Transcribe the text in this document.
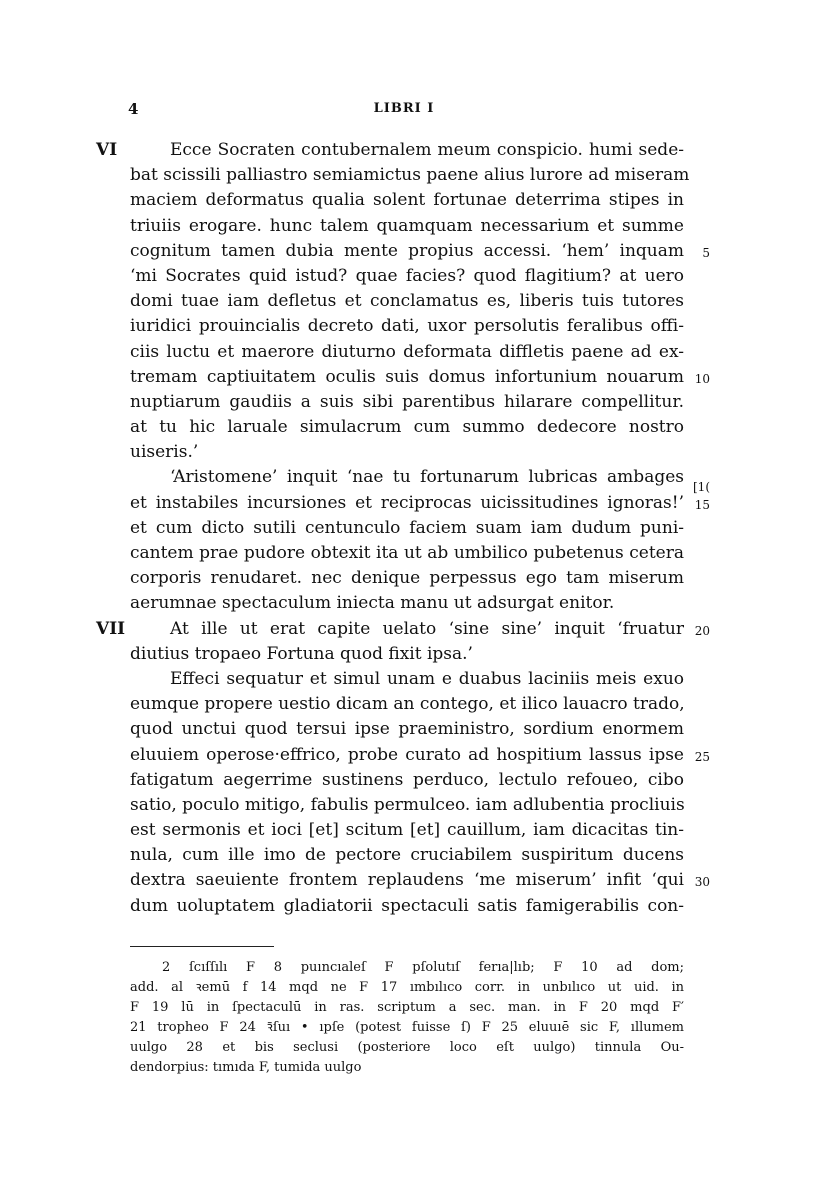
4	LIBRI I
VI	Ecce Socraten contubernalem meum conspicio. humi sede-
bat scissili palliastro semiamictus paene alius lurore ad miseram
maciem deformatus qualia solent fortunae deterrima stipes in
triuiis erogare. hunc talem quamquam necessarium et summe
cognitum tamen dubia mente propius accessi. ‘hem’ inquam 5
‘mi Socrates quid istud? quae facies? quod flagitium? at uero
domi tuae iam defletus et conclamatus es, liberis tuis tutores
iuridici prouincialis decreto dati, uxor persolutis feralibus offi-
ciis luctu et maerore diuturno deformata diffletis paene ad ex-
tremam captiuitatem oculis suis domus infortunium nouarum 10
nuptiarum gaudiis a suis sibi parentibus hilarare compellitur.
at tu hic laruale simulacrum cum summo dedecore nostro
uiseris.’
‘Aristomene’ inquit ‘nae tu fortunarum lubricas ambages [1(
et instabiles incursiones et reciprocas uicissitudines ignoras!’ 15
et cum dicto sutili centunculo faciem suam iam dudum puni-
cantem prae pudore obtexit ita ut ab umbilico pubetenus cetera
corporis renudaret. nec denique perpessus ego tam miserum
aerumnae spectaculum iniecta manu ut adsurgat enitor.
VII	At ille ut erat capite uelato ‘sine sine’ inquit ‘fruatur 20
diutius tropaeo Fortuna quod fixit ipsa.’
Effeci sequatur et simul unam e duabus laciniis meis exuo
eumque propere uestio dicam an contego, et ilico lauacro trado,
quod unctui quod tersui ipse praeministro, sordium enormem
eluuiem operose·effrico, probe curato ad hospitium lassus ipse 25
fatigatum aegerrime sustinens perduco, lectulo refoueo, cibo
satio, poculo mitigo, fabulis permulceo. iam adlubentia procliuis
est sermonis et ioci [et] scitum [et] cauillum, iam dicacitas tin-
nula, cum ille imo de pectore cruciabilem suspiritum ducens
dextra saeuiente frontem replaudens ‘me miserum’ infit ‘qui 30
dum uoluptatem gladiatorii spectaculi satis famigerabilis con-
2 ſcıſſılı F 8 puıncıaleſ F pſolutıſ ferıa|lıb; F 10 ad dom;
add. al ꝛemū f 14 mqd ne F 17 ımbılıco corr. in unbılıco ut uid. in
F 19 lū in ſpectaculū in ras. scriptum a sec. man. in F 20 mqd F′
21 tropheo F 24 ꝛ̄ſuı • ıpſe (potest fuisse ſ) F 25 eluuıē sic F, ıllumem
uulgo 28 et bis seclusi (posteriore loco eſt uulgo) tinnula Ou-
dendorpius: tımıda F, tumida uulgo
